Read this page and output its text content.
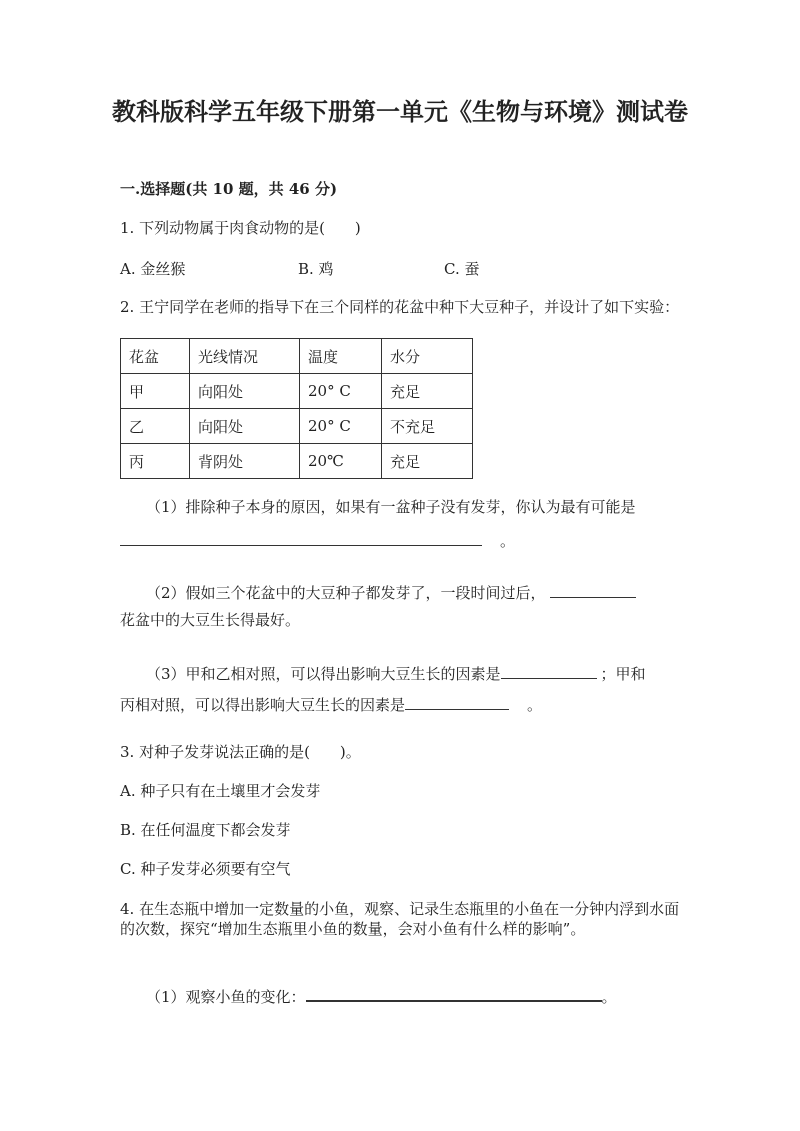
教科版科学五年级下册第一单元《生物与环境》测试卷
一.选择题(共 10 题，共 46 分)
1. 下列动物属于肉食动物的是(　　)
A. 金丝猴	B. 鸡	C. 蚕
2. 王宁同学在老师的指导下在三个同样的花盆中种下大豆种子，并设计了如下实验：
花盆	光线情况	温度	水分
甲	向阳处	20° C	充足
乙	向阳处	20° C	不充足
丙	背阴处	20℃	充足
（1）排除种子本身的原因，如果有一盆种子没有发芽，你认为最有可能是
。
（2）假如三个花盆中的大豆种子都发芽了，一段时间过后，
花盆中的大豆生长得最好。
（3）甲和乙相对照，可以得出影响大豆生长的因素是	；甲和
丙相对照，可以得出影响大豆生长的因素是	。
3. 对种子发芽说法正确的是(　　)。
A. 种子只有在土壤里才会发芽
B. 在任何温度下都会发芽
C. 种子发芽必须要有空气
4. 在生态瓶中增加一定数量的小鱼，观察、记录生态瓶里的小鱼在一分钟内浮到水面的次数，探究“增加生态瓶里小鱼的数量，会对小鱼有什么样的影响”。
（1）观察小鱼的变化：	。
